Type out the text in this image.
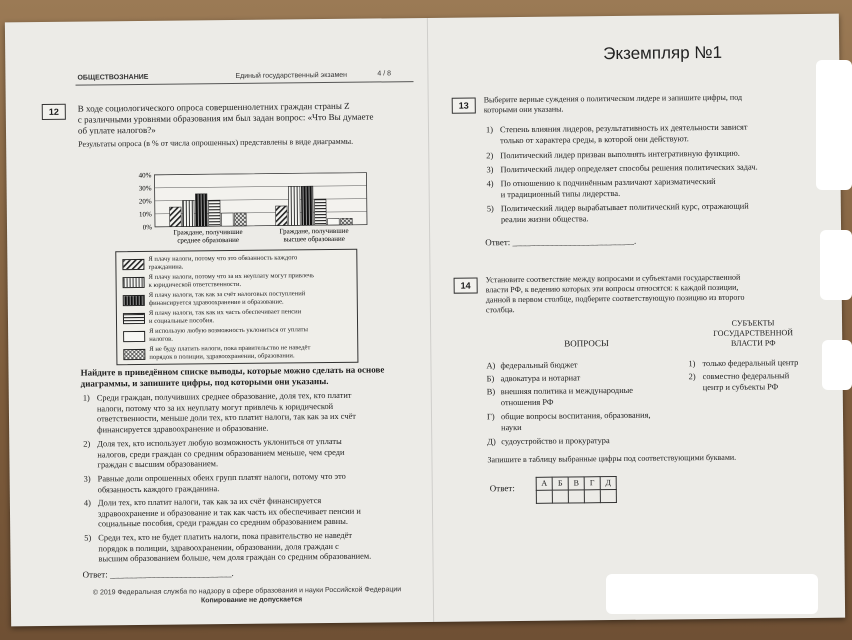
ОБЩЕСТВОЗНАНИЕ	Единый государственный экзамен	4 / 8
12	В ходе социологического опроса совершеннолетних граждан страны Z
с различными уровнями образования им был задан вопрос: «Чтo Вы думаете
об уплате налогов?»
Результаты опроса (в % от числа опрошенных) представлены в виде диаграммы.
40%
30%
20%
10%
0%
Граждане, получившие
среднее образование
Граждане, получившие
высшее образование
Я плачу налоги, потому что это обязанность каждого
гражданина.
Я плачу налоги, потому что за их неуплату могут привлечь
к юридической ответственности.
Я плачу налоги, так как за счёт налоговых поступлений
финансируется здравоохранение и образование.
Я плачу налоги, так как их часть обеспечивает пенсии
и социальные пособия.
Я использую любую возможность уклониться от уплаты
налогов.
Я не буду платить налоги, пока правительство не наведёт
порядок в полиции, здравоохранении, образовании.
Найдите в приведённом списке выводы, которые можно сделать на основе
диаграммы, и запишите цифры, под которыми они указаны.
1) Среди граждан, получивших среднее образование, доля тех, кто платит
налоги, потому что за их неуплату могут привлечь к юридической
ответственности, меньше доли тех, кто платит налоги, так как за их счёт
финансируется здравоохранение и образование.
2) Доля тех, кто использует любую возможность уклониться от уплаты
налогов, среди граждан со средним образованием меньше, чем среди
граждан с высшим образованием.
3) Равные доли опрошенных обеих групп платят налоги, потому что это
обязанность каждого гражданина.
4) Доли тех, кто платит налоги, так как за их счёт финансируется
здравоохранение и образование и так как часть их обеспечивает пенсии и
социальные пособия, среди граждан со средним образованием равны.
5) Среди тех, кто не будет платить налоги, пока правительство не наведёт
порядок в полиции, здравоохранении, образовании, доля граждан с
высшим образованием больше, чем доля граждан со средним образованием.
Ответ: ___________________________.
© 2019 Федеральная служба по надзору в сфере образования и науки Российской Федерации
Копирование не допускается
Экземпляр №1
13
Выберите верные суждения о политическом лидере и запишите цифры, под
которыми они указаны.
1) Степень влияния лидеров, результативность их деятельности зависят
только от характера среды, в которой они действуют.
2) Политический лидер призван выполнять интегративную функцию.
3) Политический лидер определяет способы решения политических задач.
4) По отношению к подчинённым различают харизматический
и традиционный типы лидерства.
5) Политический лидер вырабатывает политический курс, отражающий
реалии жизни общества.
Ответ: ___________________________.
14
Установите соответствие между вопросами и субъектами государственной
власти РФ, к ведению которых эти вопросы относятся: к каждой позиции,
данной в первом столбце, подберите соответствующую позицию из второго
столбца.
ВОПРОСЫ
СУБЪЕКТЫ
ГОСУДАРСТВЕННОЙ
ВЛАСТИ РФ
А) федеральный бюджет
Б) адвокатура и нотариат
В) внешняя политика и международные
отношения РФ
Г) общие вопросы воспитания, образования,
науки
Д) судоустройство и прокуратура
1) только федеральный центр
2) совместно федеральный
центр и субъекты РФ
Запишите в таблицу выбранные цифры под соответствующими буквами.
Ответ:	А	Б	В	Г	Д
